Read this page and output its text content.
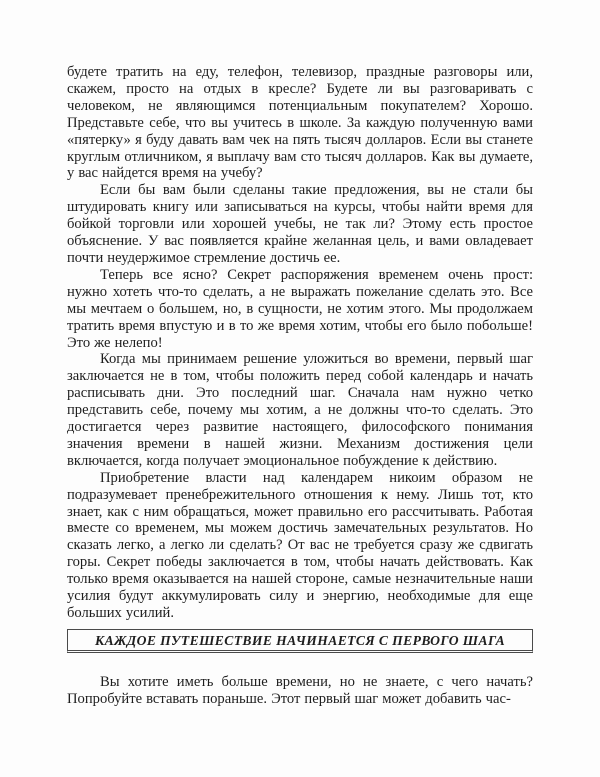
будете тратить на еду, телефон, телевизор, праздные разговоры или, скажем, просто на отдых в кресле? Будете ли вы разговаривать с человеком, не являющимся потенциальным покупателем? Хорошо. Представьте себе, что вы учитесь в школе. За каждую полученную вами «пятерку» я буду давать вам чек на пять тысяч долларов. Если вы станете круглым отличником, я выплачу вам сто тысяч долларов. Как вы думаете, у вас найдется время на учебу?

Если бы вам были сделаны такие предложения, вы не стали бы штудировать книгу или записываться на курсы, чтобы найти время для бойкой торговли или хорошей учебы, не так ли? Этому есть простое объяснение. У вас появляется крайне желанная цель, и вами овладевает почти неудержимое стремление достичь ее.

Теперь все ясно? Секрет распоряжения временем очень прост: нужно хотеть что-то сделать, а не выражать пожелание сделать это. Все мы мечтаем о большем, но, в сущности, не хотим этого. Мы продолжаем тратить время впустую и в то же время хотим, чтобы его было побольше! Это же нелепо!

Когда мы принимаем решение уложиться во времени, первый шаг заключается не в том, чтобы положить перед собой календарь и начать расписывать дни. Это последний шаг. Сначала нам нужно четко представить себе, почему мы хотим, а не должны что-то сделать. Это достигается через развитие настоящего, философского понимания значения времени в нашей жизни. Механизм достижения цели включается, когда получает эмоциональное побуждение к действию.

Приобретение власти над календарем никоим образом не подразумевает пренебрежительного отношения к нему. Лишь тот, кто знает, как с ним обращаться, может правильно его рассчитывать. Работая вместе со временем, мы можем достичь замечательных результатов. Но сказать легко, а легко ли сделать? От вас не требуется сразу же сдвигать горы. Секрет победы заключается в том, чтобы начать действовать. Как только время оказывается на нашей стороне, самые незначительные наши усилия будут аккумулировать силу и энергию, необходимые для еще больших усилий.

КАЖДОЕ ПУТЕШЕСТВИЕ НАЧИНАЕТСЯ С ПЕРВОГО ШАГА

Вы хотите иметь больше времени, но не знаете, с чего начать? Попробуйте вставать пораньше. Этот первый шаг может добавить час-
